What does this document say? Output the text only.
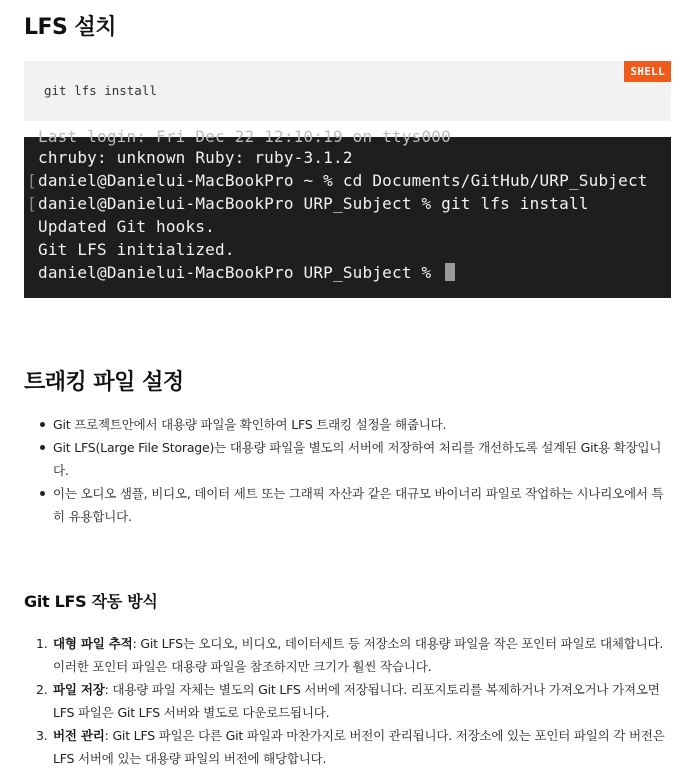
LFS 설치
git lfs install
SHELL
Last login: Fri Dec 22 12:10:19 on ttys000
chruby: unknown Ruby: ruby-3.1.2
[ daniel@Danielui-MacBookPro ~ % cd Documents/GitHub/URP_Subject
[ daniel@Danielui-MacBookPro URP_Subject % git lfs install
Updated Git hooks.
Git LFS initialized.
daniel@Danielui-MacBookPro URP_Subject %
트래킹 파일 설정
Git 프로젝트안에서 대용량 파일을 확인하여 LFS 트래킹 설정을 해줍니다.
Git LFS(Large File Storage)는 대용량 파일을 별도의 서버에 저장하여 처리를 개선하도록 설계된 Git용 확장입니다.
이는 오디오 샘플, 비디오, 데이터 세트 또는 그래픽 자산과 같은 대규모 바이너리 파일로 작업하는 시나리오에서 특히 유용합니다.
Git LFS 작동 방식
1. 대형 파일 추적: Git LFS는 오디오, 비디오, 데이터세트 등 저장소의 대용량 파일을 작은 포인터 파일로 대체합니다. 이러한 포인터 파일은 대용량 파일을 참조하지만 크기가 훨씬 작습니다.
2. 파일 저장: 대용량 파일 자체는 별도의 Git LFS 서버에 저장됩니다. 리포지토리를 복제하거나 가져오거나 가져오면 LFS 파일은 Git LFS 서버와 별도로 다운로드됩니다.
3. 버전 관리: Git LFS 파일은 다른 Git 파일과 마찬가지로 버전이 관리됩니다. 저장소에 있는 포인터 파일의 각 버전은 LFS 서버에 있는 대용량 파일의 버전에 해당합니다.
